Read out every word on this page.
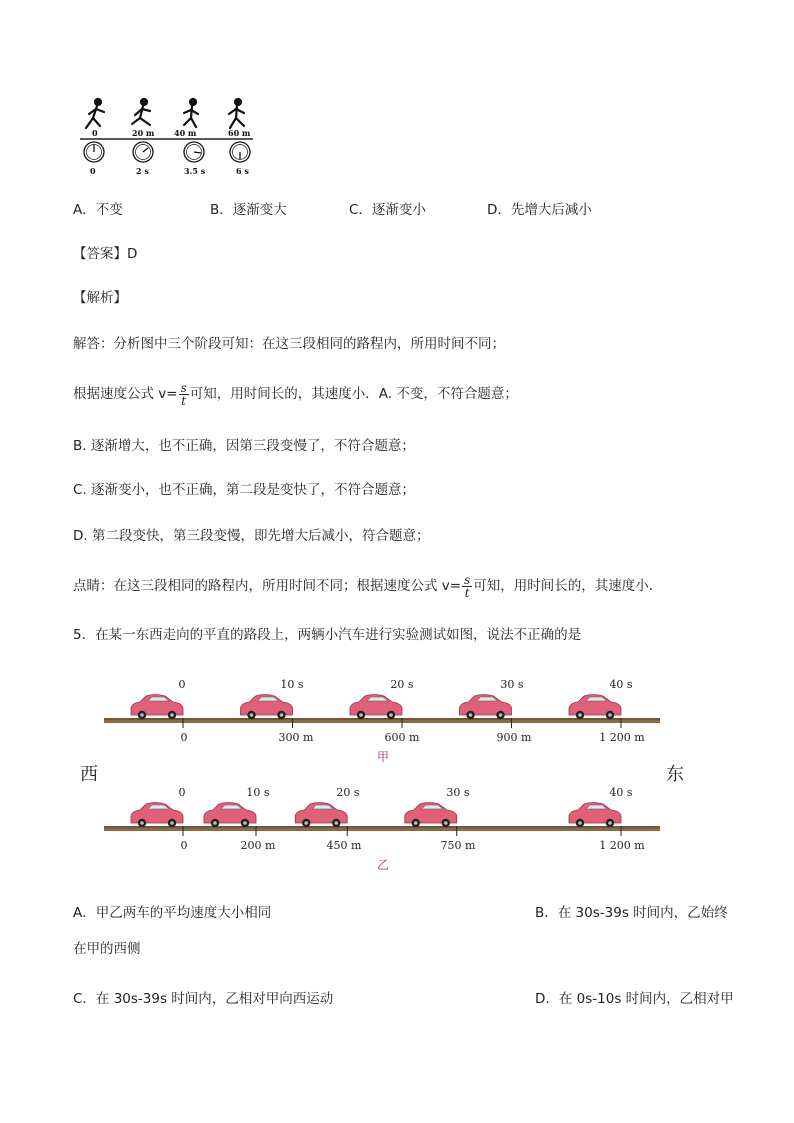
0	20 m 40 m	60 m
0	2 s	3.5 s	6 s
A．不变	B．逐渐变大	C．逐渐变小	D．先增大后减小
【答案】D
【解析】
解答：分析图中三个阶段可知：在这三段相同的路程内，所用时间不同；
根据速度公式 $v= \frac{s}{t}$ 可知，用时间长的，其速度小．A. 不变，不符合题意；
B. 逐渐增大，也不正确，因第三段变慢了，不符合题意；
C. 逐渐变小，也不正确，第二段是变快了，不符合题意；
D. 第二段变快，第三段变慢，即先增大后减小，符合题意；
点睛：在这三段相同的路程内，所用时间不同；根据速度公式 $v= \frac{s}{t}$ 可知，用时间长的，其速度小．
5．在某一东西走向的平直的路段上，两辆小汽车进行实验测试如图，说法不正确的是
西	东
0	10 s	20 s	30 s	40 s
0	300 m	600 m	900 m	1 200 m
甲
0	10 s	20 s	30 s	40 s
0	200 m	450 m	750 m	1 200 m
乙
A．甲乙两车的平均速度大小相同	B．在 30s-39s 时间内，乙始终
在甲的西侧
C．在 30s-39s 时间内，乙相对甲向西运动	D．在 0s-10s 时间内，乙相对甲
